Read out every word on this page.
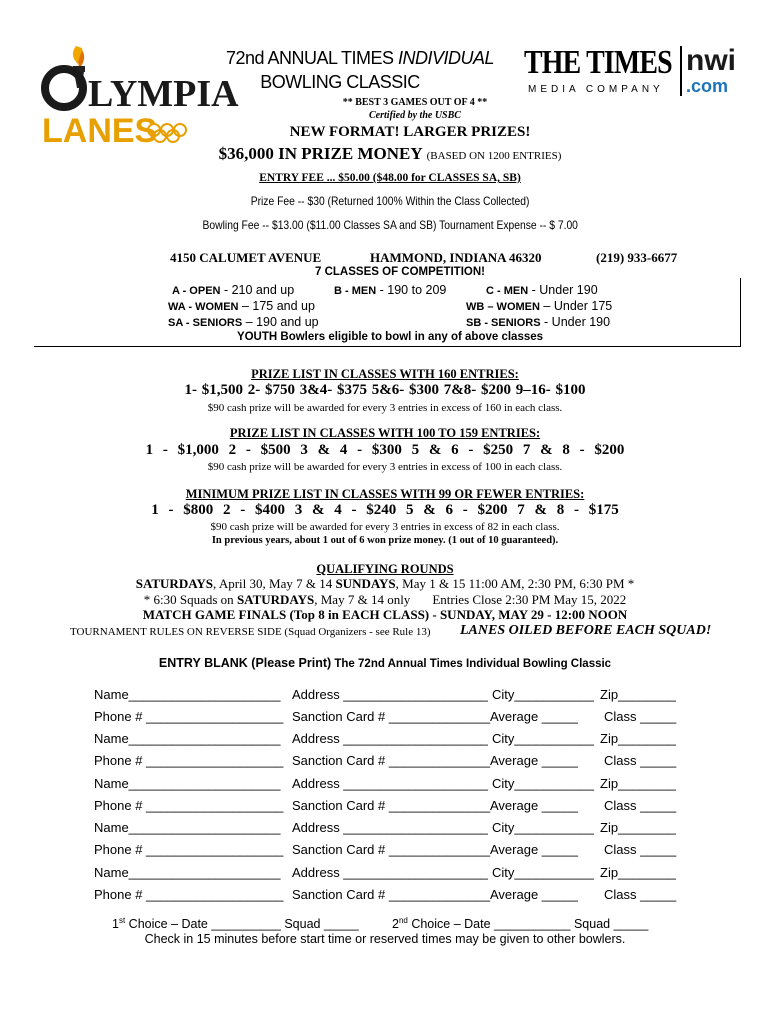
LYMPIA
LANES
THE TIMES
MEDIA COMPANY
nwi
.com
72nd ANNUAL TIMES INDIVIDUAL
BOWLING CLASSIC
** BEST 3 GAMES OUT OF 4 **
Certified by the USBC
NEW FORMAT! LARGER PRIZES!
$36,000 IN PRIZE MONEY (BASED ON 1200 ENTRIES)
ENTRY FEE ... $50.00 ($48.00 for CLASSES SA, SB)
Prize Fee -- $30 (Returned 100% Within the Class Collected)
Bowling Fee -- $13.00 ($11.00 Classes SA and SB) Tournament Expense -- $ 7.00
4150 CALUMET AVENUE	HAMMOND, INDIANA 46320	(219) 933-6677
7 CLASSES OF COMPETITION!
A - OPEN - 210 and up	B - MEN - 190 to 209	C - MEN - Under 190
WA - WOMEN – 175 and up	WB – WOMEN – Under 175
SA - SENIORS – 190 and up	SB - SENIORS - Under 190
YOUTH Bowlers eligible to bowl in any of above classes
PRIZE LIST IN CLASSES WITH 160 ENTRIES:
1- $1,500 2- $750 3&4- $375 5&6- $300 7&8- $200 9–16- $100
$90 cash prize will be awarded for every 3 entries in excess of 160 in each class.
PRIZE LIST IN CLASSES WITH 100 TO 159 ENTRIES:
1 - $1,000 2 - $500 3 & 4 - $300 5 & 6 - $250 7 & 8 - $200
$90 cash prize will be awarded for every 3 entries in excess of 100 in each class.
MINIMUM PRIZE LIST IN CLASSES WITH 99 OR FEWER ENTRIES:
1 - $800 2 - $400 3 & 4 - $240 5 & 6 - $200 7 & 8 - $175
$90 cash prize will be awarded for every 3 entries in excess of 82 in each class.
In previous years, about 1 out of 6 won prize money. (1 out of 10 guaranteed).
QUALIFYING ROUNDS
SATURDAYS, April 30, May 7 & 14 SUNDAYS, May 1 & 15 11:00 AM, 2:30 PM, 6:30 PM *
* 6:30 Squads on SATURDAYS, May 7 & 14 only Entries Close 2:30 PM May 15, 2022
MATCH GAME FINALS (Top 8 in EACH CLASS) - SUNDAY, MAY 29 - 12:00 NOON
TOURNAMENT RULES ON REVERSE SIDE (Squad Organizers - see Rule 13) LANES OILED BEFORE EACH SQUAD!
ENTRY BLANK (Please Print) The 72nd Annual Times Individual Bowling Classic
Name_____________________ Address ____________________ City___________ Zip________
Phone # ___________________ Sanction Card # ______________ Average _____ Class _____
Name_____________________ Address ____________________ City___________ Zip________
Phone # ___________________ Sanction Card # ______________ Average _____ Class _____
Name_____________________ Address ____________________ City___________ Zip________
Phone # ___________________ Sanction Card # ______________ Average _____ Class _____
Name_____________________ Address ____________________ City___________ Zip________
Phone # ___________________ Sanction Card # ______________ Average _____ Class _____
Name_____________________ Address ____________________ City___________ Zip________
Phone # ___________________ Sanction Card # ______________ Average _____ Class _____
1st Choice – Date __________ Squad _____	2nd Choice – Date ___________ Squad _____
Check in 15 minutes before start time or reserved times may be given to other bowlers.
